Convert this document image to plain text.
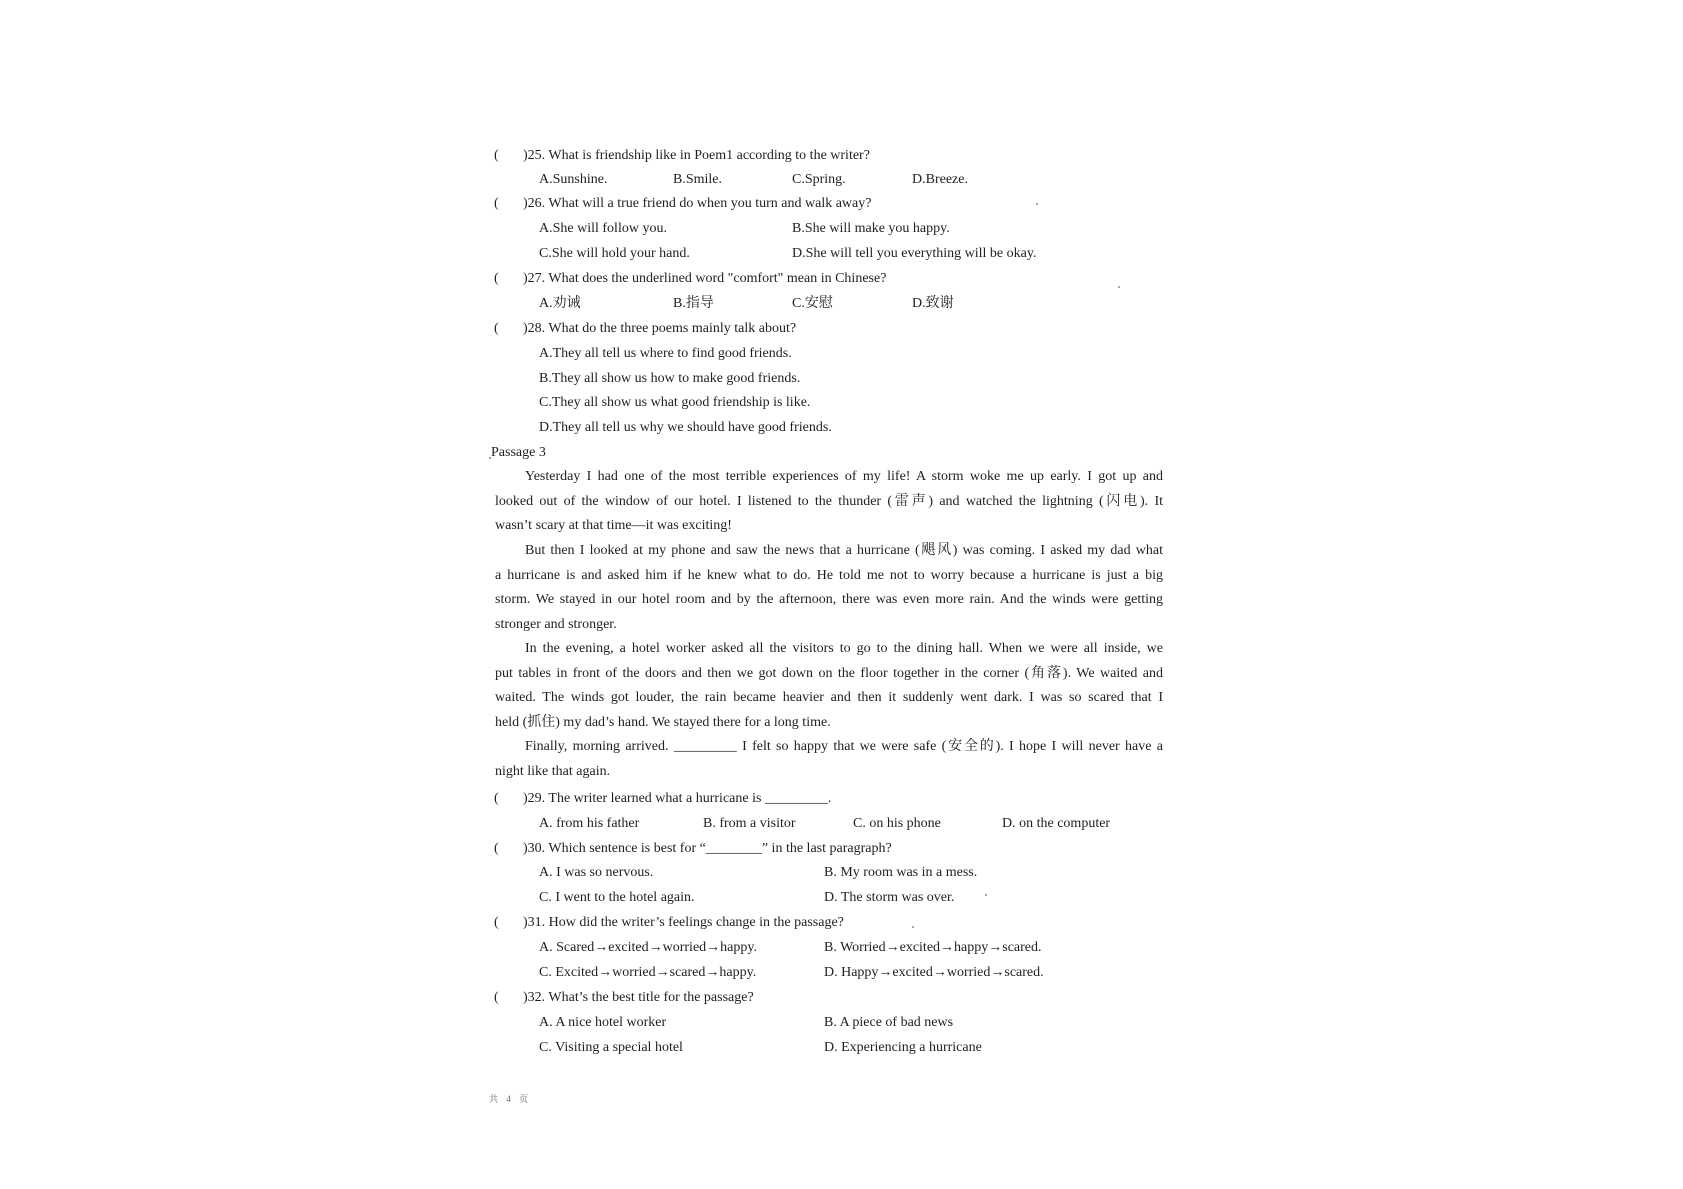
( )25. What is friendship like in Poem1 according to the writer?
A.Sunshine.	B.Smile.	C.Spring.	D.Breeze.
( )26. What will a true friend do when you turn and walk away?
A.She will follow you.	B.She will make you happy.
C.She will hold your hand.	D.She will tell you everything will be okay.
( )27. What does the underlined word "comfort" mean in Chinese?
A.劝诫	B.指导	C.安慰	D.致谢
( )28. What do the three poems mainly talk about?
A.They all tell us where to find good friends.
B.They all show us how to make good friends.
C.They all show us what good friendship is like.
D.They all tell us why we should have good friends.
Passage 3
Yesterday I had one of the most terrible experiences of my life! A storm woke me up early. I got up and
looked out of the window of our hotel. I listened to the thunder (雷声) and watched the lightning (闪电). It
wasn’t scary at that time—it was exciting!
But then I looked at my phone and saw the news that a hurricane (飓风) was coming. I asked my dad what
a hurricane is and asked him if he knew what to do. He told me not to worry because a hurricane is just a big
storm. We stayed in our hotel room and by the afternoon, there was even more rain. And the winds were getting
stronger and stronger.
In the evening, a hotel worker asked all the visitors to go to the dining hall. When we were all inside, we
put tables in front of the doors and then we got down on the floor together in the corner (角落). We waited and
waited. The winds got louder, the rain became heavier and then it suddenly went dark. I was so scared that I
held (抓住) my dad’s hand. We stayed there for a long time.
Finally, morning arrived. _________ I felt so happy that we were safe (安全的). I hope I will never have a
night like that again.
( )29. The writer learned what a hurricane is _________.
A. from his father	B. from a visitor	C. on his phone	D. on the computer
( )30. Which sentence is best for “________” in the last paragraph?
A. I was so nervous.	B. My room was in a mess.
C. I went to the hotel again.	D. The storm was over.
( )31. How did the writer’s feelings change in the passage?
A. Scared→excited→worried→happy.	B. Worried→excited→happy→scared.
C. Excited→worried→scared→happy.	D. Happy→excited→worried→scared.
( )32. What’s the best title for the passage?
A. A nice hotel worker	B. A piece of bad news
C. Visiting a special hotel	D. Experiencing a hurricane
共 4 页
